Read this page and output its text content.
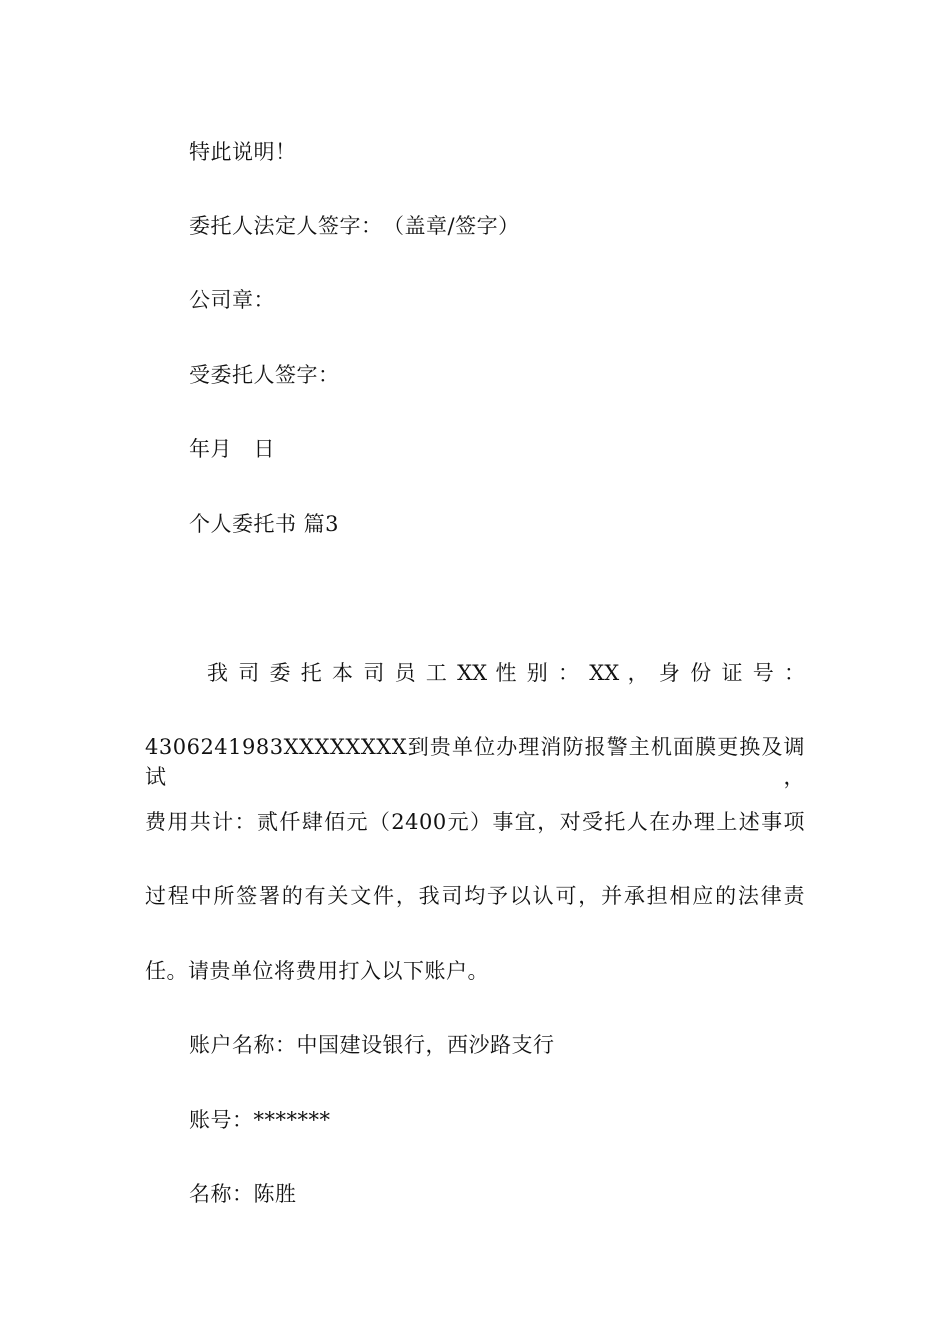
特此说明！
委托人法定人签字：　（盖章/签字）
公司章：
受委托人签字：
年月　日
个人委托书 篇3
我 司 委 托 本 司 员 工 XX 性 别 ： XX ， 身 份 证 号 ：
4306241983XXXXXXXX到贵单位办理消防报警主机面膜更换及调试，
费用共计：贰仟肆佰元（2400元）事宜，对受托人在办理上述事项
过程中所签署的有关文件，我司均予以认可，并承担相应的法律责
任。请贵单位将费用打入以下账户。
账户名称：中国建设银行，西沙路支行
账号：*******
名称：陈胜
